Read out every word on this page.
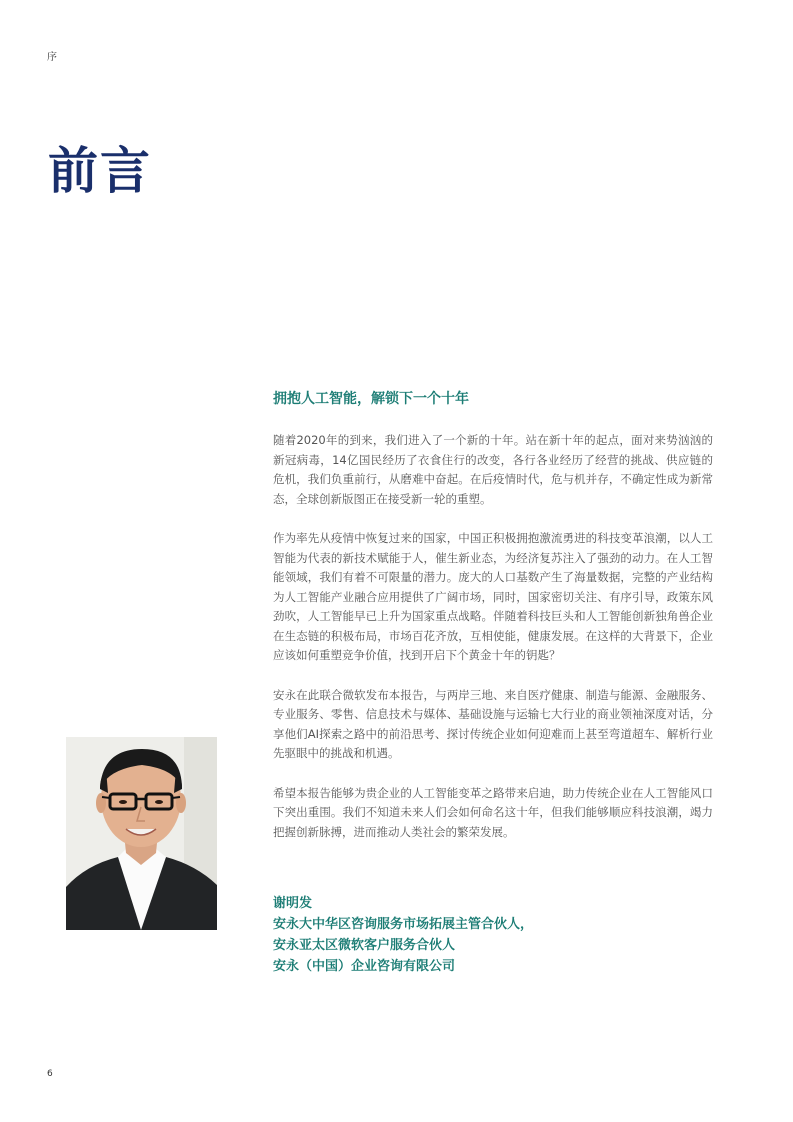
序

前言
拥抱人工智能，解锁下一个十年

随着2020年的到来，我们进入了一个新的十年。站在新十年的起点，面对来势汹汹的新冠病毒，14亿国民经历了衣食住行的改变，各行各业经历了经营的挑战、供应链的危机，我们负重前行，从磨难中奋起。在后疫情时代，危与机并存，不确定性成为新常态，全球创新版图正在接受新一轮的重塑。

作为率先从疫情中恢复过来的国家，中国正积极拥抱激流勇进的科技变革浪潮，以人工智能为代表的新技术赋能于人，催生新业态，为经济复苏注入了强劲的动力。在人工智能领域，我们有着不可限量的潜力。庞大的人口基数产生了海量数据，完整的产业结构为人工智能产业融合应用提供了广阔市场，同时，国家密切关注、有序引导，政策东风劲吹，人工智能早已上升为国家重点战略。伴随着科技巨头和人工智能创新独角兽企业在生态链的积极布局，市场百花齐放，互相使能，健康发展。在这样的大背景下，企业应该如何重塑竞争价值，找到开启下个黄金十年的钥匙？

安永在此联合微软发布本报告，与两岸三地、来自医疗健康、制造与能源、金融服务、专业服务、零售、信息技术与媒体、基础设施与运输七大行业的商业领袖深度对话，分享他们AI探索之路中的前沿思考、探讨传统企业如何迎难而上甚至弯道超车、解析行业先驱眼中的挑战和机遇。

希望本报告能够为贵企业的人工智能变革之路带来启迪，助力传统企业在人工智能风口下突出重围。我们不知道未来人们会如何命名这十年，但我们能够顺应科技浪潮，竭力把握创新脉搏，进而推动人类社会的繁荣发展。

谢明发

安永大中华区咨询服务市场拓展主管合伙人，

安永亚太区微软客户服务合伙人

安永（中国）企业咨询有限公司

6
